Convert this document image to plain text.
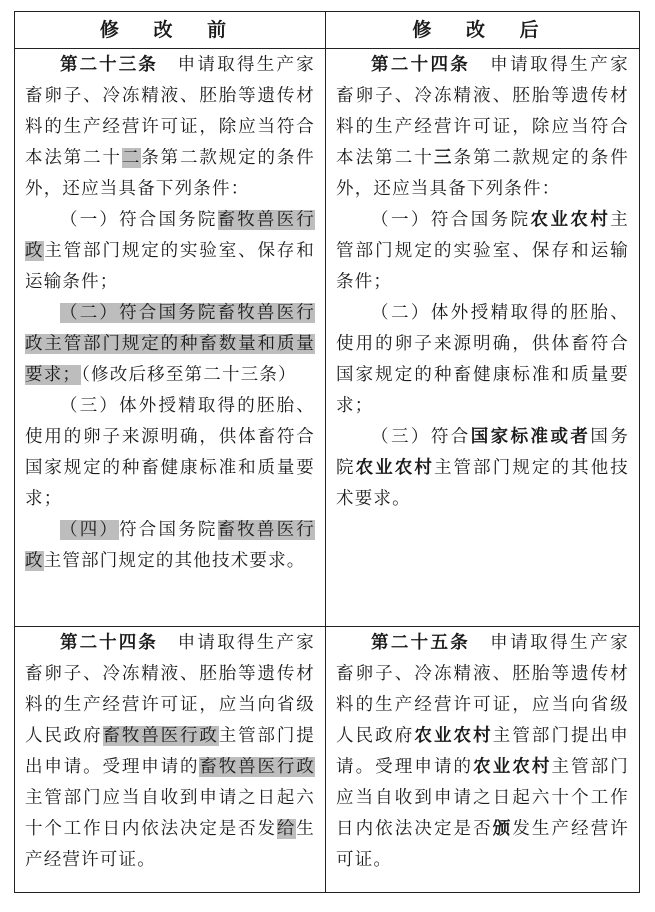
修 改 前	修 改 后

第二十三条　 申请取得生产家畜卵子、冷冻精液、胚胎等遗传材料的生产经营许可证，除应当符合本法第二十二条第二款规定的条件外，还应当具备下列条件：

（一）符合国务院畜牧兽医行政主管部门规定的实验室、保存和运输条件；

（二）符合国务院畜牧兽医行政主管部门规定的种畜数量和质量要求；（修改后移至第二十三条）

（三）体外授精取得的胚胎、使用的卵子来源明确，供体畜符合国家规定的种畜健康标准和质量要求；

（四）符合国务院畜牧兽医行政主管部门规定的其他技术要求。

第二十四条　 申请取得生产家畜卵子、冷冻精液、胚胎等遗传材料的生产经营许可证，除应当符合本法第二十三条第二款规定的条件外，还应当具备下列条件：

（一）符合国务院农业农村主管部门规定的实验室、保存和运输条件；

（二）体外授精取得的胚胎、使用的卵子来源明确，供体畜符合国家规定的种畜健康标准和质量要求；

（三）符合国家标准或者国务院农业农村主管部门规定的其他技术要求。

第二十四条　 申请取得生产家畜卵子、冷冻精液、胚胎等遗传材料的生产经营许可证，应当向省级人民政府畜牧兽医行政主管部门提出申请。受理申请的畜牧兽医行政主管部门应当自收到申请之日起六十个工作日内依法决定是否发给生产经营许可证。

第二十五条　 申请取得生产家畜卵子、冷冻精液、胚胎等遗传材料的生产经营许可证，应当向省级人民政府农业农村主管部门提出申请。受理申请的农业农村主管部门应当自收到申请之日起六十个工作日内依法决定是否颁发生产经营许可证。
